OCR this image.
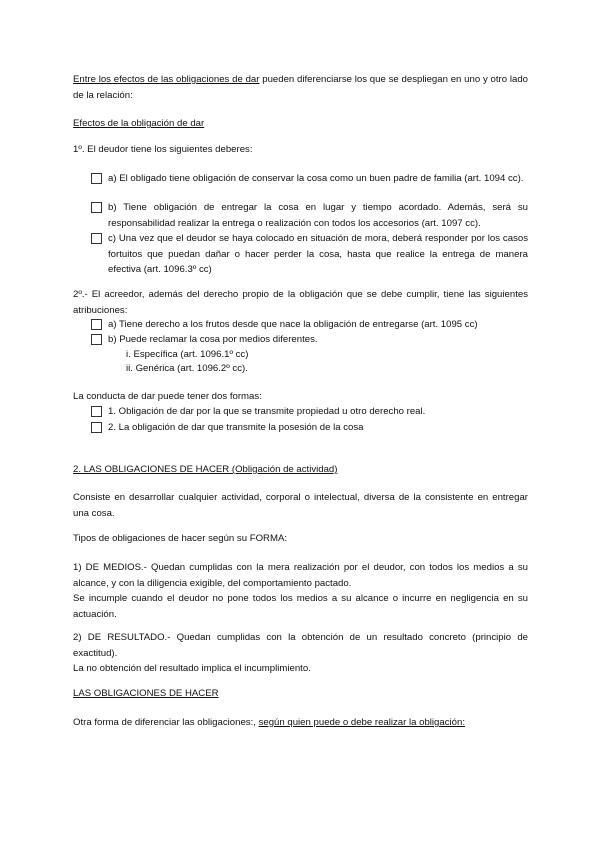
Entre los efectos de las obligaciones de dar pueden diferenciarse los que se despliegan en uno y otro lado de la relación:
Efectos de la obligación de dar
1º. El deudor tiene los siguientes deberes:
a) El obligado tiene obligación de conservar la cosa como un buen padre de familia (art. 1094 cc).
b) Tiene obligación de entregar la cosa en lugar y tiempo acordado. Además, será su responsabilidad realizar la entrega o realización con todos los accesorios (art. 1097 cc).
c) Una vez que el deudor se haya colocado en situación de mora, deberá responder por los casos fortuitos que puedan dañar o hacer perder la cosa, hasta que realice la entrega de manera efectiva (art. 1096.3º cc)
2º.- El acreedor, además del derecho propio de la obligación que se debe cumplir, tiene las siguientes atribuciones:
a) Tiene derecho a los frutos desde que nace la obligación de entregarse (art. 1095 cc)
b) Puede reclamar la cosa por medios diferentes.
i. Específica (art. 1096.1º cc)
ii. Genérica (art. 1096.2º cc).
La conducta de dar puede tener dos formas:
1. Obligación de dar por la que se transmite propiedad u otro derecho real.
2. La obligación de dar que transmite la posesión de la cosa
2. LAS OBLIGACIONES DE HACER (Obligación de actividad)
Consiste en desarrollar cualquier actividad, corporal o intelectual, diversa de la consistente en entregar una cosa.
Tipos de obligaciones de hacer según su FORMA:
1) DE MEDIOS.- Quedan cumplidas con la mera realización por el deudor, con todos los medios a su alcance, y con la diligencia exigible, del comportamiento pactado.
Se incumple cuando el deudor no pone todos los medios a su alcance o incurre en negligencia en su actuación.
2) DE RESULTADO.- Quedan cumplidas con la obtención de un resultado concreto (principio de exactitud).
La no obtención del resultado implica el incumplimiento.
LAS OBLIGACIONES DE HACER
Otra forma de diferenciar las obligaciones:, según quien puede o debe realizar la obligación:
